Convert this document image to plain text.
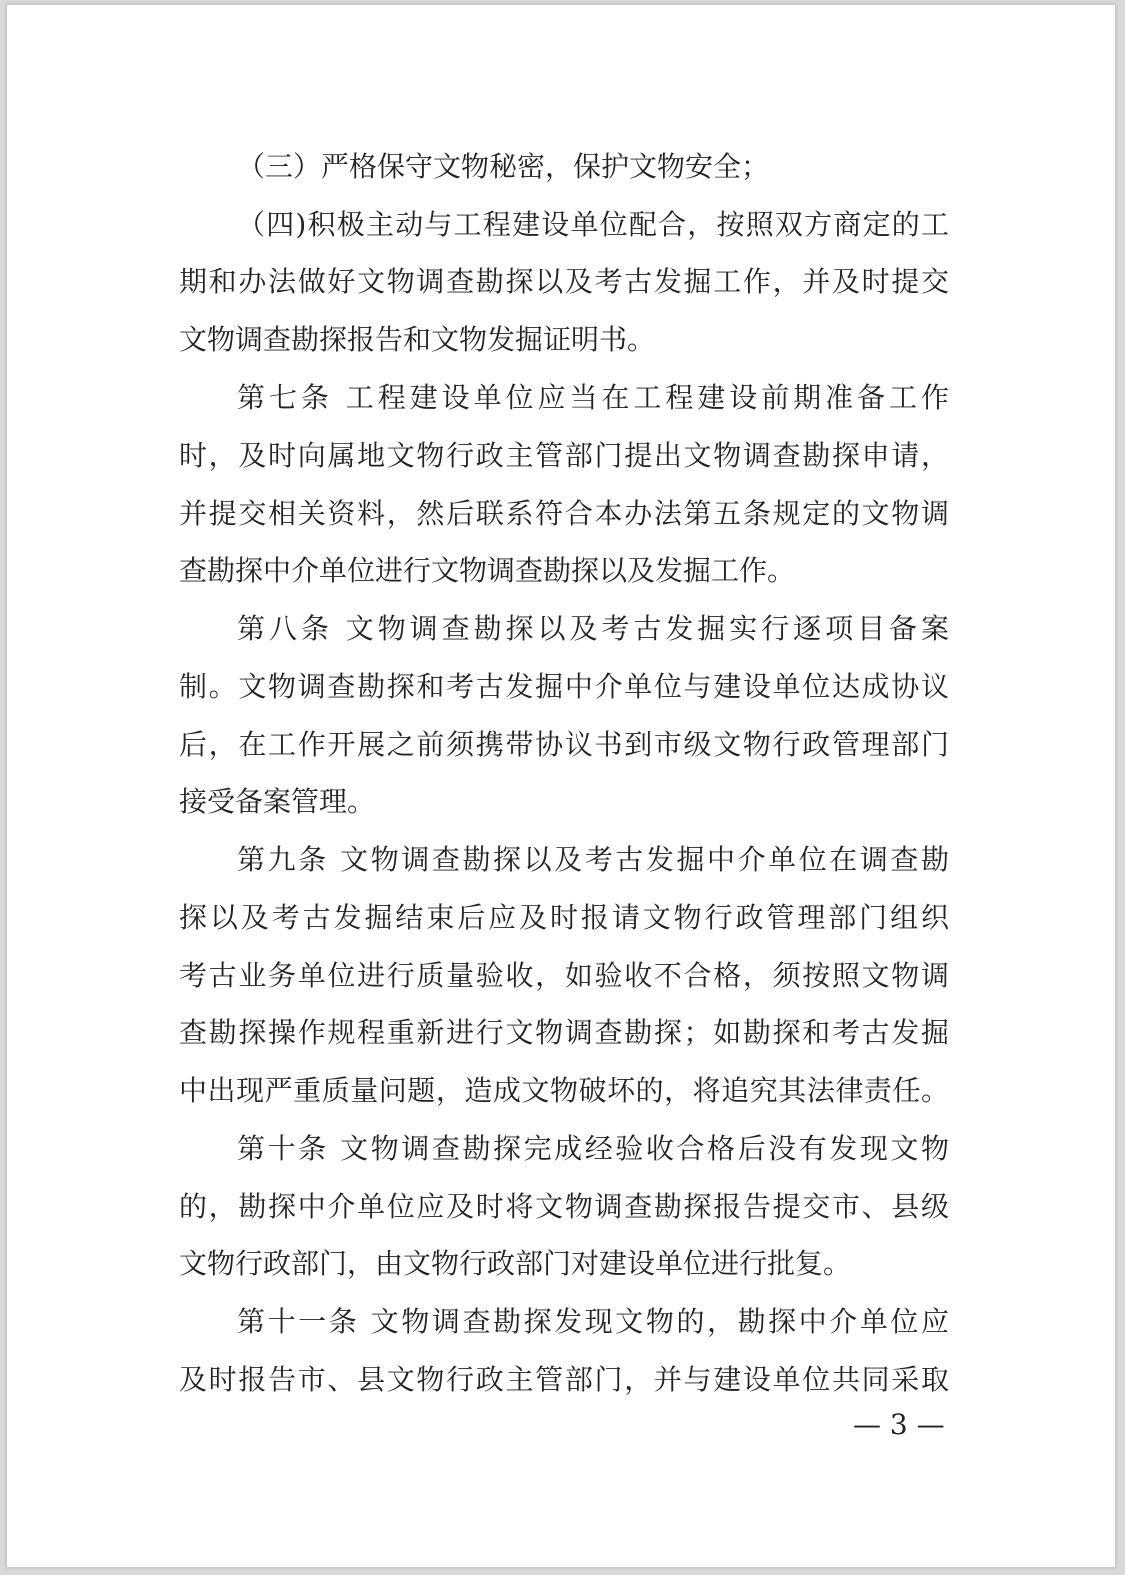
（三）严格保守文物秘密，保护文物安全；
（四)积极主动与工程建设单位配合，按照双方商定的工
期和办法做好文物调查勘探以及考古发掘工作，并及时提交
文物调查勘探报告和文物发掘证明书。
第七条 工程建设单位应当在工程建设前期准备工作
时，及时向属地文物行政主管部门提出文物调查勘探申请，
并提交相关资料，然后联系符合本办法第五条规定的文物调
查勘探中介单位进行文物调查勘探以及发掘工作。
第八条 文物调查勘探以及考古发掘实行逐项目备案
制。文物调查勘探和考古发掘中介单位与建设单位达成协议
后，在工作开展之前须携带协议书到市级文物行政管理部门
接受备案管理。
第九条 文物调查勘探以及考古发掘中介单位在调查勘
探以及考古发掘结束后应及时报请文物行政管理部门组织
考古业务单位进行质量验收，如验收不合格，须按照文物调
查勘探操作规程重新进行文物调查勘探；如勘探和考古发掘
中出现严重质量问题，造成文物破坏的，将追究其法律责任。
第十条 文物调查勘探完成经验收合格后没有发现文物
的，勘探中介单位应及时将文物调查勘探报告提交市、县级
文物行政部门，由文物行政部门对建设单位进行批复。
第十一条 文物调查勘探发现文物的，勘探中介单位应
及时报告市、县文物行政主管部门，并与建设单位共同采取
— 3 —
